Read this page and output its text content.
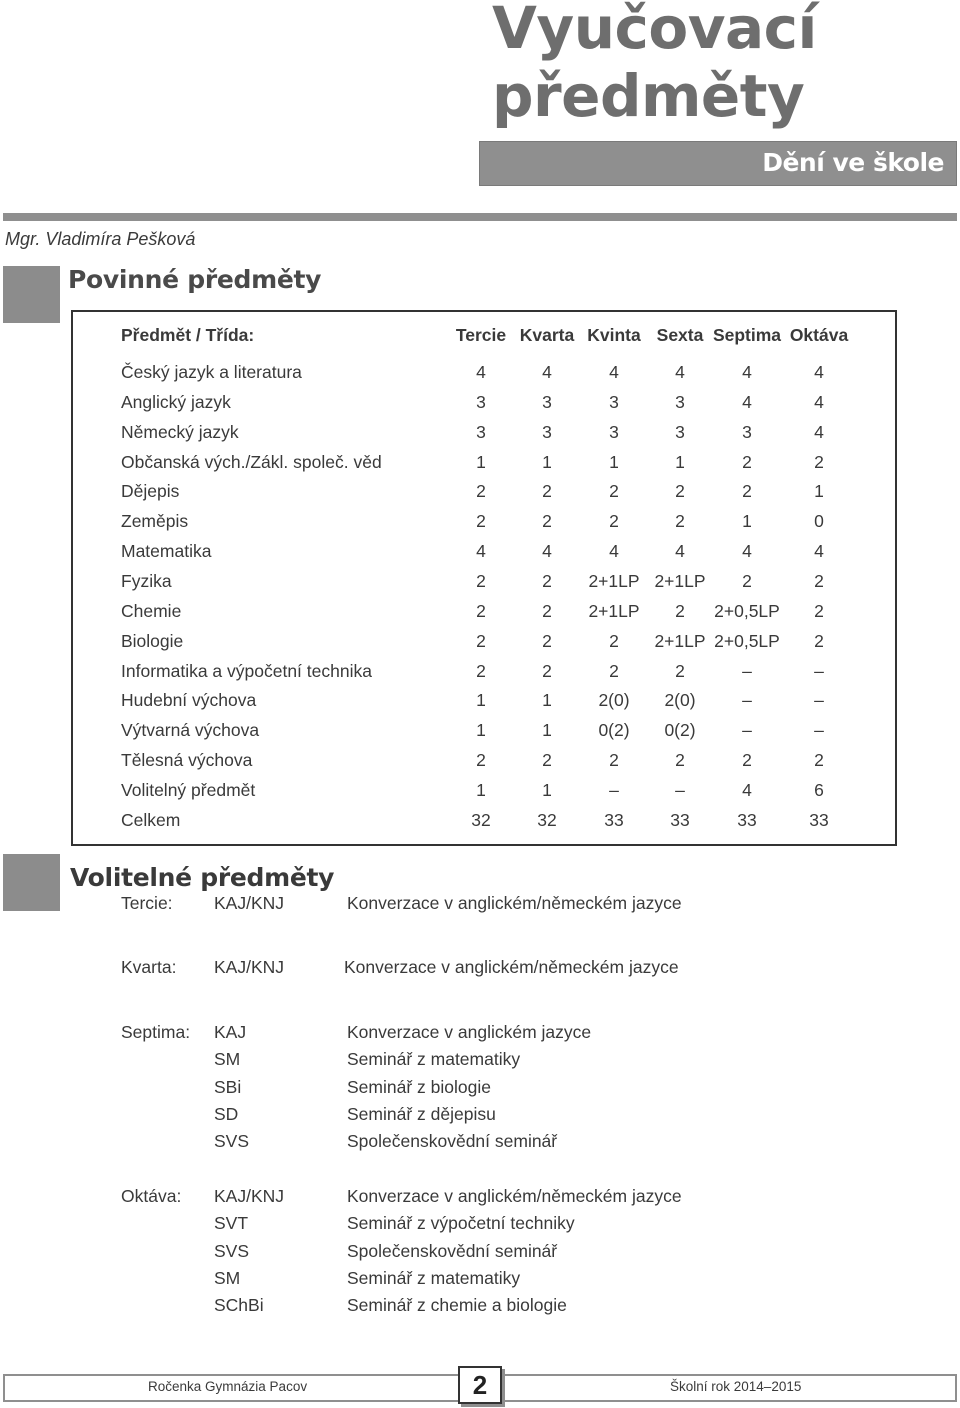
Vyučovací
předměty
Dění ve škole
Mgr. Vladimíra Pešková
Povinné předměty
Předmět / Třída:	Tercie Kvarta Kvinta Sexta Septima Oktáva
Český jazyk a literatura	4	4	4	4	4	4
Anglický jazyk	3	3	3	3	4	4
Německý jazyk	3	3	3	3	3	4
Občanská vých./Zákl. společ. věd	1	1	1	1	2	2
Dějepis	2	2	2	2	2	1
Zeměpis	2	2	2	2	1	0
Matematika	4	4	4	4	4	4
Fyzika	2	2 2+1LP 2+1LP 2	2
Chemie	2	2 2+1LP 2 2+0,5LP 2
Biologie	2	2	2 2+1LP 2+0,5LP 2
Informatika a výpočetní technika	2	2	2	2	–	–
Hudební výchova	1	1	2(0) 2(0)	–	–
Výtvarná výchova	1	1	0(2) 0(2)	–	–
Tělesná výchova	2	2	2	2	2	2
Volitelný předmět	1	1	–	–	4	6
Celkem	32	32	33	33	33	33
Volitelné předměty
Tercie: KAJ/KNJ	Konverzace v anglickém/německém jazyce
Kvarta: KAJ/KNJ	Konverzace v anglickém/německém jazyce
Septima: KAJ	Konverzace v anglickém jazyce
SM	Seminář z matematiky
SBi	Seminář z biologie
SD	Seminář z dějepisu
SVS	Společenskovědní seminář
Oktáva: KAJ/KNJ	Konverzace v anglickém/německém jazyce
SVT	Seminář z výpočetní techniky
SVS	Společenskovědní seminář
SM	Seminář z matematiky
SChBi	Seminář z chemie a biologie
Ročenka Gymnázia Pacov	Školní rok 2014–2015
2
